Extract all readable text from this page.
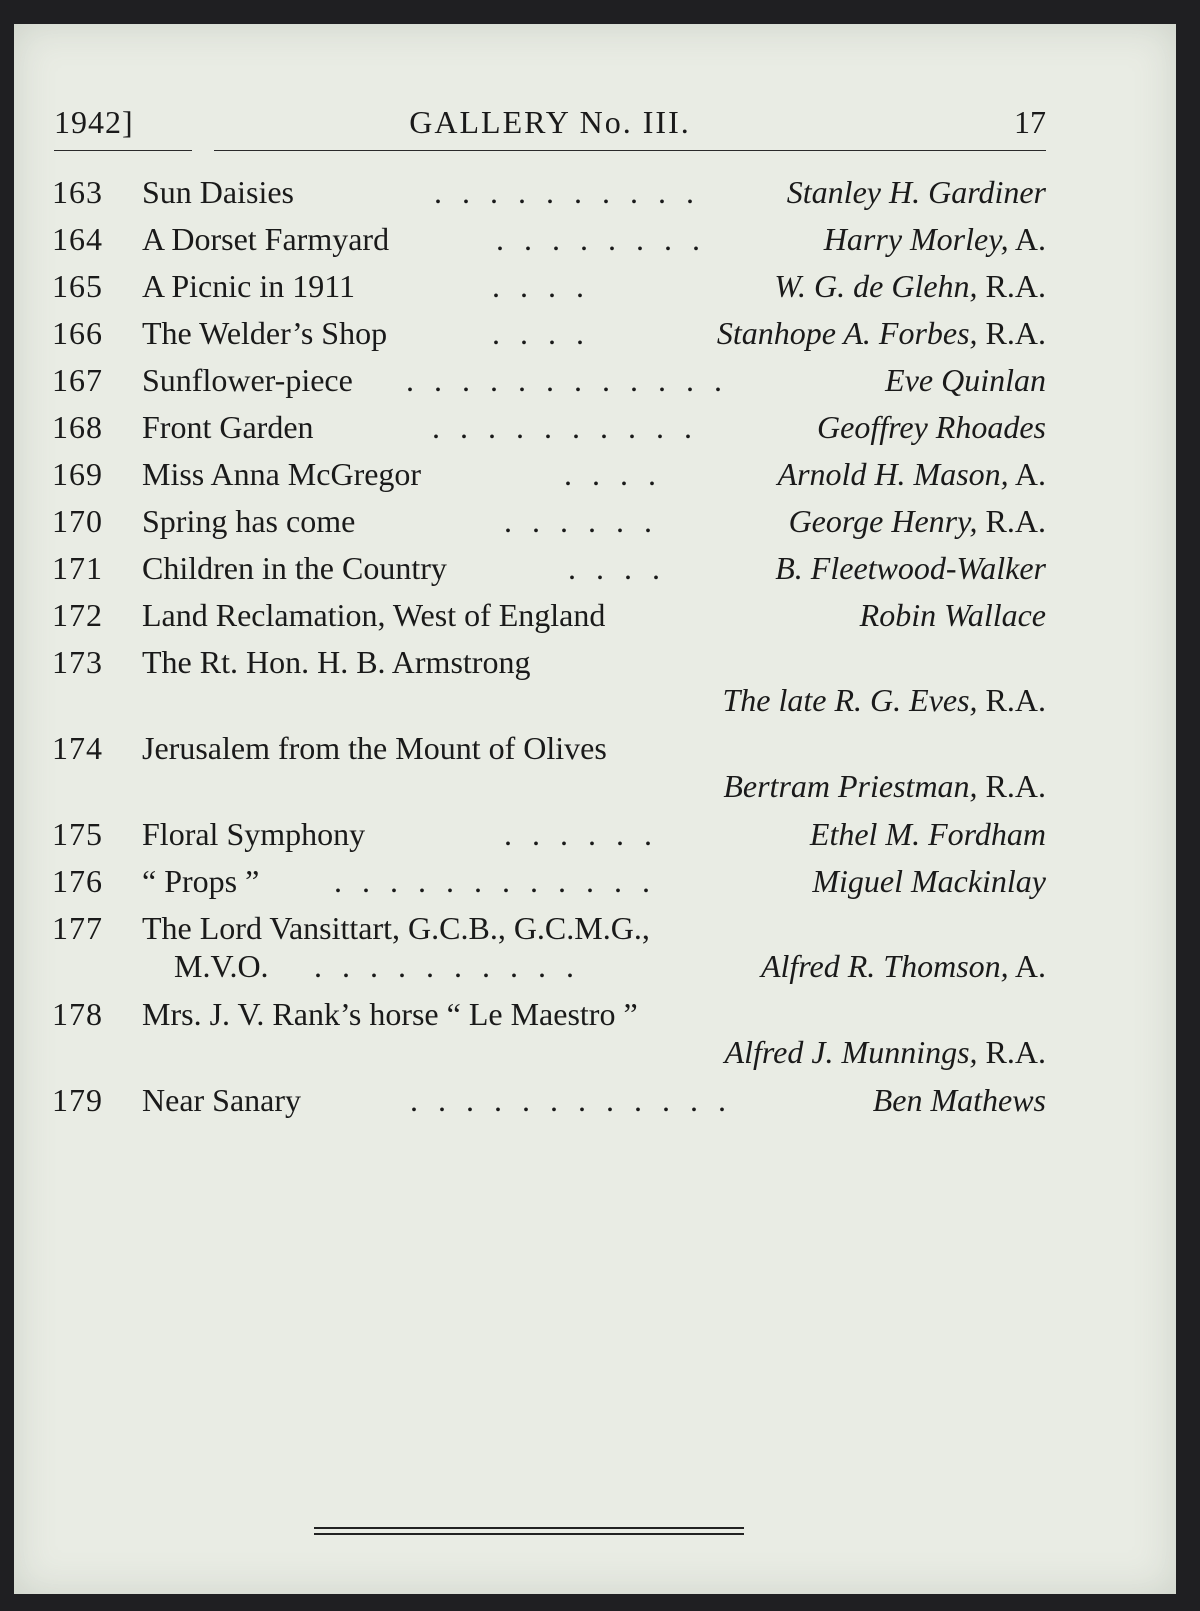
1942]	GALLERY No. III.	17
163	Sun Daisies	. . . . . . . . . .	Stanley H. Gardiner
164	A Dorset Farmyard	. . . . . . . .	Harry Morley, A.
165	A Picnic in 1911	. . . .	W. G. de Glehn, R.A.
166	The Welder’s Shop	. . . .	Stanhope A. Forbes, R.A.
167	Sunflower-piece . . . . . . . . . . . .	Eve Quinlan
168	Front Garden	. . . . . . . . . .	Geoffrey Rhoades
169	Miss Anna McGregor	. . . .	Arnold H. Mason, A.
170	Spring has come	. . . . . .	George Henry, R.A.
171	Children in the Country	. . . .	B. Fleetwood-Walker
172	Land Reclamation, West of England	Robin Wallace
173	The Rt. Hon. H. B. Armstrong
The late R. G. Eves, R.A.
174	Jerusalem from the Mount of Olives
Bertram Priestman, R.A.
175	Floral Symphony	. . . . . .	Ethel M. Fordham
176	“ Props ” . . . . . . . . . . . .	Miguel Mackinlay
177	The Lord Vansittart, G.C.B., G.C.M.G.,
M.V.O. . . . . . . . . . .	Alfred R. Thomson, A.
178	Mrs. J. V. Rank’s horse “ Le Maestro ”
Alfred J. Munnings, R.A.
179	Near Sanary	. . . . . . . . . . . .	Ben Mathews
